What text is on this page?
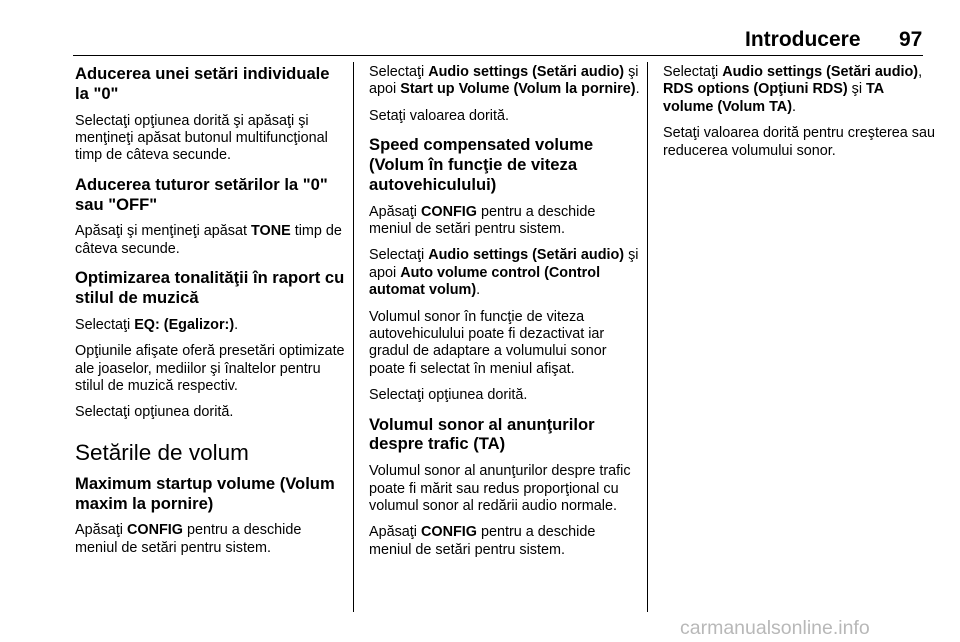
Introducere 97
Aducerea unei setări individuale la "0"

Selectaţi opţiunea dorită şi apăsaţi şi menţineţi apăsat butonul multifuncţional timp de câteva secunde.

Aducerea tuturor setărilor la "0" sau "OFF"

Apăsaţi şi menţineţi apăsat TONE timp de câteva secunde.

Optimizarea tonalităţii în raport cu stilul de muzică

Selectaţi EQ: (Egalizor:).

Opţiunile afişate oferă presetări optimizate ale joaselor, mediilor şi înaltelor pentru stilul de muzică respectiv.

Selectaţi opţiunea dorită.

Setările de volum
Maximum startup volume (Volum maxim la pornire)

Apăsaţi CONFIG pentru a deschide meniul de setări pentru sistem.

Selectaţi Audio settings (Setări audio) şi apoi Start up Volume (Volum la pornire).

Setaţi valoarea dorită.

Speed compensated volume (Volum în funcţie de viteza autovehiculului)

Apăsaţi CONFIG pentru a deschide meniul de setări pentru sistem.

Selectaţi Audio settings (Setări audio) şi apoi Auto volume control (Control automat volum).

Volumul sonor în funcţie de viteza autovehiculului poate fi dezactivat iar gradul de adaptare a volumului sonor poate fi selectat în meniul afişat.

Selectaţi opţiunea dorită.

Volumul sonor al anunţurilor despre trafic (TA)

Volumul sonor al anunţurilor despre trafic poate fi mărit sau redus proporţional cu volumul sonor al redării audio normale.

Apăsaţi CONFIG pentru a deschide meniul de setări pentru sistem.

Selectaţi Audio settings (Setări audio), RDS options (Opţiuni RDS) şi TA volume (Volum TA).

Setaţi valoarea dorită pentru creşterea sau reducerea volumului sonor.

carmanualsonline.info
